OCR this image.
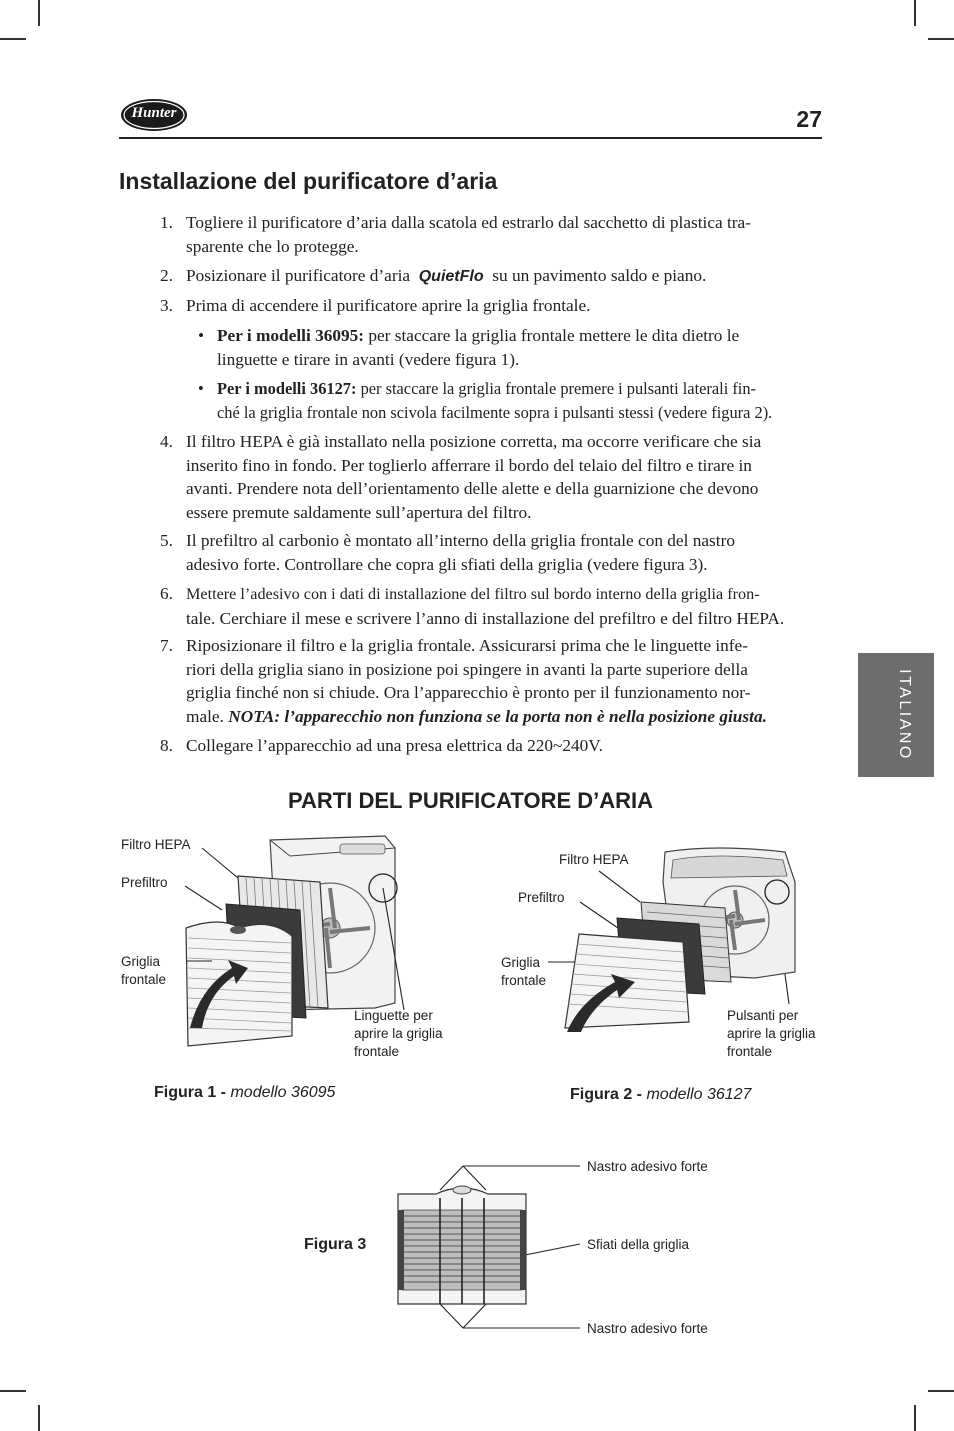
Hunter	27
Installazione del purificatore d’aria
1. Togliere il purificatore d’aria dalla scatola ed estrarlo dal sacchetto di plastica tra-
sparente che lo protegge.
2. Posizionare il purificatore d’aria QuietFlo su un pavimento saldo e piano.
3. Prima di accendere il purificatore aprire la griglia frontale.
• Per i modelli 36095: per staccare la griglia frontale mettere le dita dietro le
linguette e tirare in avanti (vedere figura 1).
• Per i modelli 36127: per staccare la griglia frontale premere i pulsanti laterali fin-
ché la griglia frontale non scivola facilmente sopra i pulsanti stessi (vedere figura 2).
4. Il filtro HEPA è già installato nella posizione corretta, ma occorre verificare che sia
inserito fino in fondo. Per toglierlo afferrare il bordo del telaio del filtro e tirare in
avanti. Prendere nota dell’orientamento delle alette e della guarnizione che devono
essere premute saldamente sull’apertura del filtro.
5. Il prefiltro al carbonio è montato all’interno della griglia frontale con del nastro
adesivo forte. Controllare che copra gli sfiati della griglia (vedere figura 3).
6. Mettere l’adesivo con i dati di installazione del filtro sul bordo interno della griglia fron-
tale. Cerchiare il mese e scrivere l’anno di installazione del prefiltro e del filtro HEPA.
7. Riposizionare il filtro e la griglia frontale. Assicurarsi prima che le linguette infe-
riori della griglia siano in posizione poi spingere in avanti la parte superiore della
griglia finché non si chiude. Ora l’apparecchio è pronto per il funzionamento nor-
male. NOTA: l’apparecchio non funziona se la porta non è nella posizione giusta.
8. Collegare l’apparecchio ad una presa elettrica da 220~240V.	ITALIANO
PARTI DEL PURIFICATORE D’ARIA
Filtro HEPA
Prefiltro
Griglia
frontale
Linguette per
aprire la griglia
frontale
Figura 1 - modello 36095
Filtro HEPA
Prefiltro
Griglia
frontale
Pulsanti per
aprire la griglia
frontale
Figura 2 - modello 36127
Figura 3
Nastro adesivo forte
Sfiati della griglia
Nastro adesivo forte
